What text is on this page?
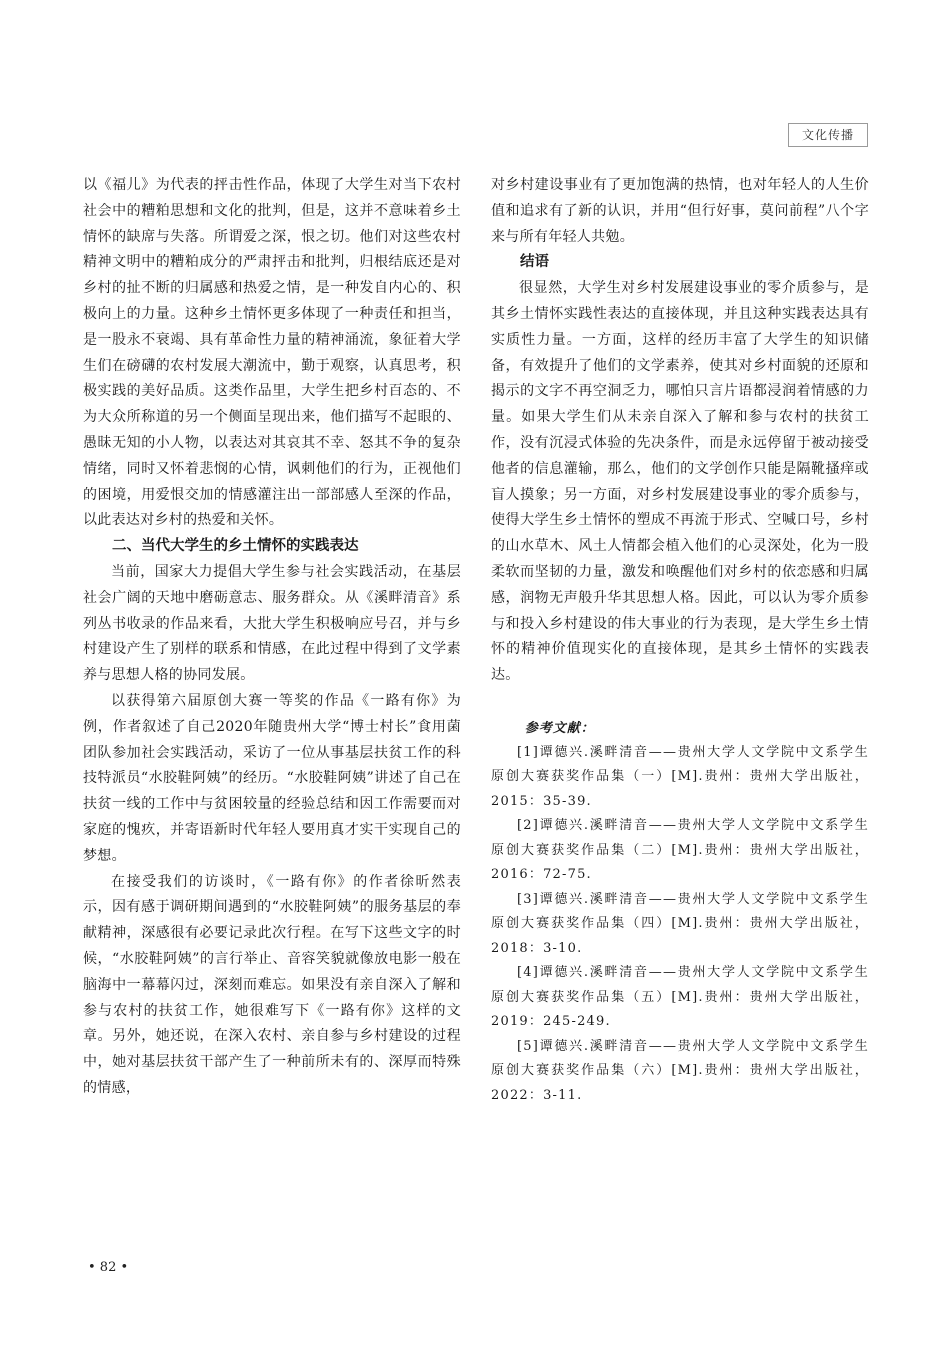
文化传播

以《福儿》为代表的抨击性作品，体现了大学生对当下农村社会中的糟粕思想和文化的批判，但是，这并不意味着乡土情怀的缺席与失落。所谓爱之深，恨之切。他们对这些农村精神文明中的糟粕成分的严肃抨击和批判，归根结底还是对乡村的扯不断的归属感和热爱之情，是一种发自内心的、积极向上的力量。这种乡土情怀更多体现了一种责任和担当，是一股永不衰竭、具有革命性力量的精神涌流，象征着大学生们在磅礴的农村发展大潮流中，勤于观察，认真思考，积极实践的美好品质。这类作品里，大学生把乡村百态的、不为大众所称道的另一个侧面呈现出来，他们描写不起眼的、愚昧无知的小人物，以表达对其哀其不幸、怒其不争的复杂情绪，同时又怀着悲悯的心情，讽刺他们的行为，正视他们的困境，用爱恨交加的情感灌注出一部部感人至深的作品，以此表达对乡村的热爱和关怀。

二、当代大学生的乡土情怀的实践表达

当前，国家大力提倡大学生参与社会实践活动，在基层社会广阔的天地中磨砺意志、服务群众。从《溪畔清音》系列丛书收录的作品来看，大批大学生积极响应号召，并与乡村建设产生了别样的联系和情感，在此过程中得到了文学素养与思想人格的协同发展。

以获得第六届原创大赛一等奖的作品《一路有你》为例，作者叙述了自己2020年随贵州大学“博士村长”食用菌团队参加社会实践活动，采访了一位从事基层扶贫工作的科技特派员“水胶鞋阿姨”的经历。“水胶鞋阿姨”讲述了自己在扶贫一线的工作中与贫困较量的经验总结和因工作需要而对家庭的愧疚，并寄语新时代年轻人要用真才实干实现自己的梦想。

在接受我们的访谈时，《一路有你》的作者徐昕然表示，因有感于调研期间遇到的“水胶鞋阿姨”的服务基层的奉献精神，深感很有必要记录此次行程。在写下这些文字的时候，“水胶鞋阿姨”的言行举止、音容笑貌就像放电影一般在脑海中一幕幕闪过，深刻而难忘。如果没有亲自深入了解和参与农村的扶贫工作，她很难写下《一路有你》这样的文章。另外，她还说，在深入农村、亲自参与乡村建设的过程中，她对基层扶贫干部产生了一种前所未有的、深厚而特殊的情感，

对乡村建设事业有了更加饱满的热情，也对年轻人的人生价值和追求有了新的认识，并用“但行好事，莫问前程”八个字来与所有年轻人共勉。

结语

很显然，大学生对乡村发展建设事业的零介质参与，是其乡土情怀实践性表达的直接体现，并且这种实践表达具有实质性力量。一方面，这样的经历丰富了大学生的知识储备，有效提升了他们的文学素养，使其对乡村面貌的还原和揭示的文字不再空洞乏力，哪怕只言片语都浸润着情感的力量。如果大学生们从未亲自深入了解和参与农村的扶贫工作，没有沉浸式体验的先决条件，而是永远停留于被动接受他者的信息灌输，那么，他们的文学创作只能是隔靴搔痒或盲人摸象；另一方面，对乡村发展建设事业的零介质参与，使得大学生乡土情怀的塑成不再流于形式、空喊口号，乡村的山水草木、风土人情都会植入他们的心灵深处，化为一股柔软而坚韧的力量，激发和唤醒他们对乡村的依恋感和归属感，润物无声般升华其思想人格。因此，可以认为零介质参与和投入乡村建设的伟大事业的行为表现，是大学生乡土情怀的精神价值现实化的直接体现，是其乡土情怀的实践表达。

参考文献：

[1]谭德兴.溪畔清音——贵州大学人文学院中文系学生原创大赛获奖作品集（一）[M].贵州：贵州大学出版社，2015：35-39.

[2]谭德兴.溪畔清音——贵州大学人文学院中文系学生原创大赛获奖作品集（二）[M].贵州：贵州大学出版社，2016：72-75.

[3]谭德兴.溪畔清音——贵州大学人文学院中文系学生原创大赛获奖作品集（四）[M].贵州：贵州大学出版社，2018：3-10.

[4]谭德兴.溪畔清音——贵州大学人文学院中文系学生原创大赛获奖作品集（五）[M].贵州：贵州大学出版社，2019：245-249.

[5]谭德兴.溪畔清音——贵州大学人文学院中文系学生原创大赛获奖作品集（六）[M].贵州：贵州大学出版社，2022：3-11.

• 82 •
